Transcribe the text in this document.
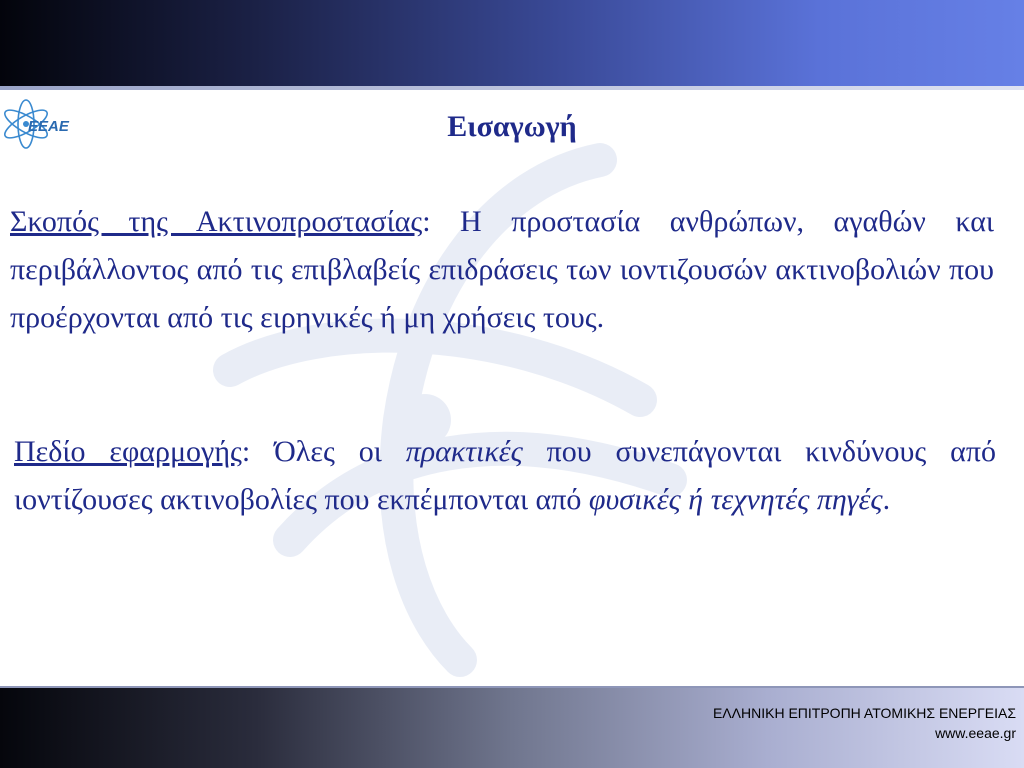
EEAE	Εισαγωγή
Σκοπός της Ακτινοπροστασίας: Η προστασία ανθρώπων, αγαθών και περιβάλλοντος από τις επιβλαβείς επιδράσεις των ιοντιζουσών ακτινοβολιών που προέρχονται από τις ειρηνικές ή μη χρήσεις τους.
Πεδίο εφαρμογής: Όλες οι πρακτικές που συνεπάγονται κινδύνους από ιοντίζουσες ακτινοβολίες που εκπέμπονται από φυσικές ή τεχνητές πηγές.
ΕΛΛΗΝΙΚΗ ΕΠΙΤΡΟΠΗ ΑΤΟΜΙΚΗΣ ΕΝΕΡΓΕΙΑΣ
www.eeae.gr
